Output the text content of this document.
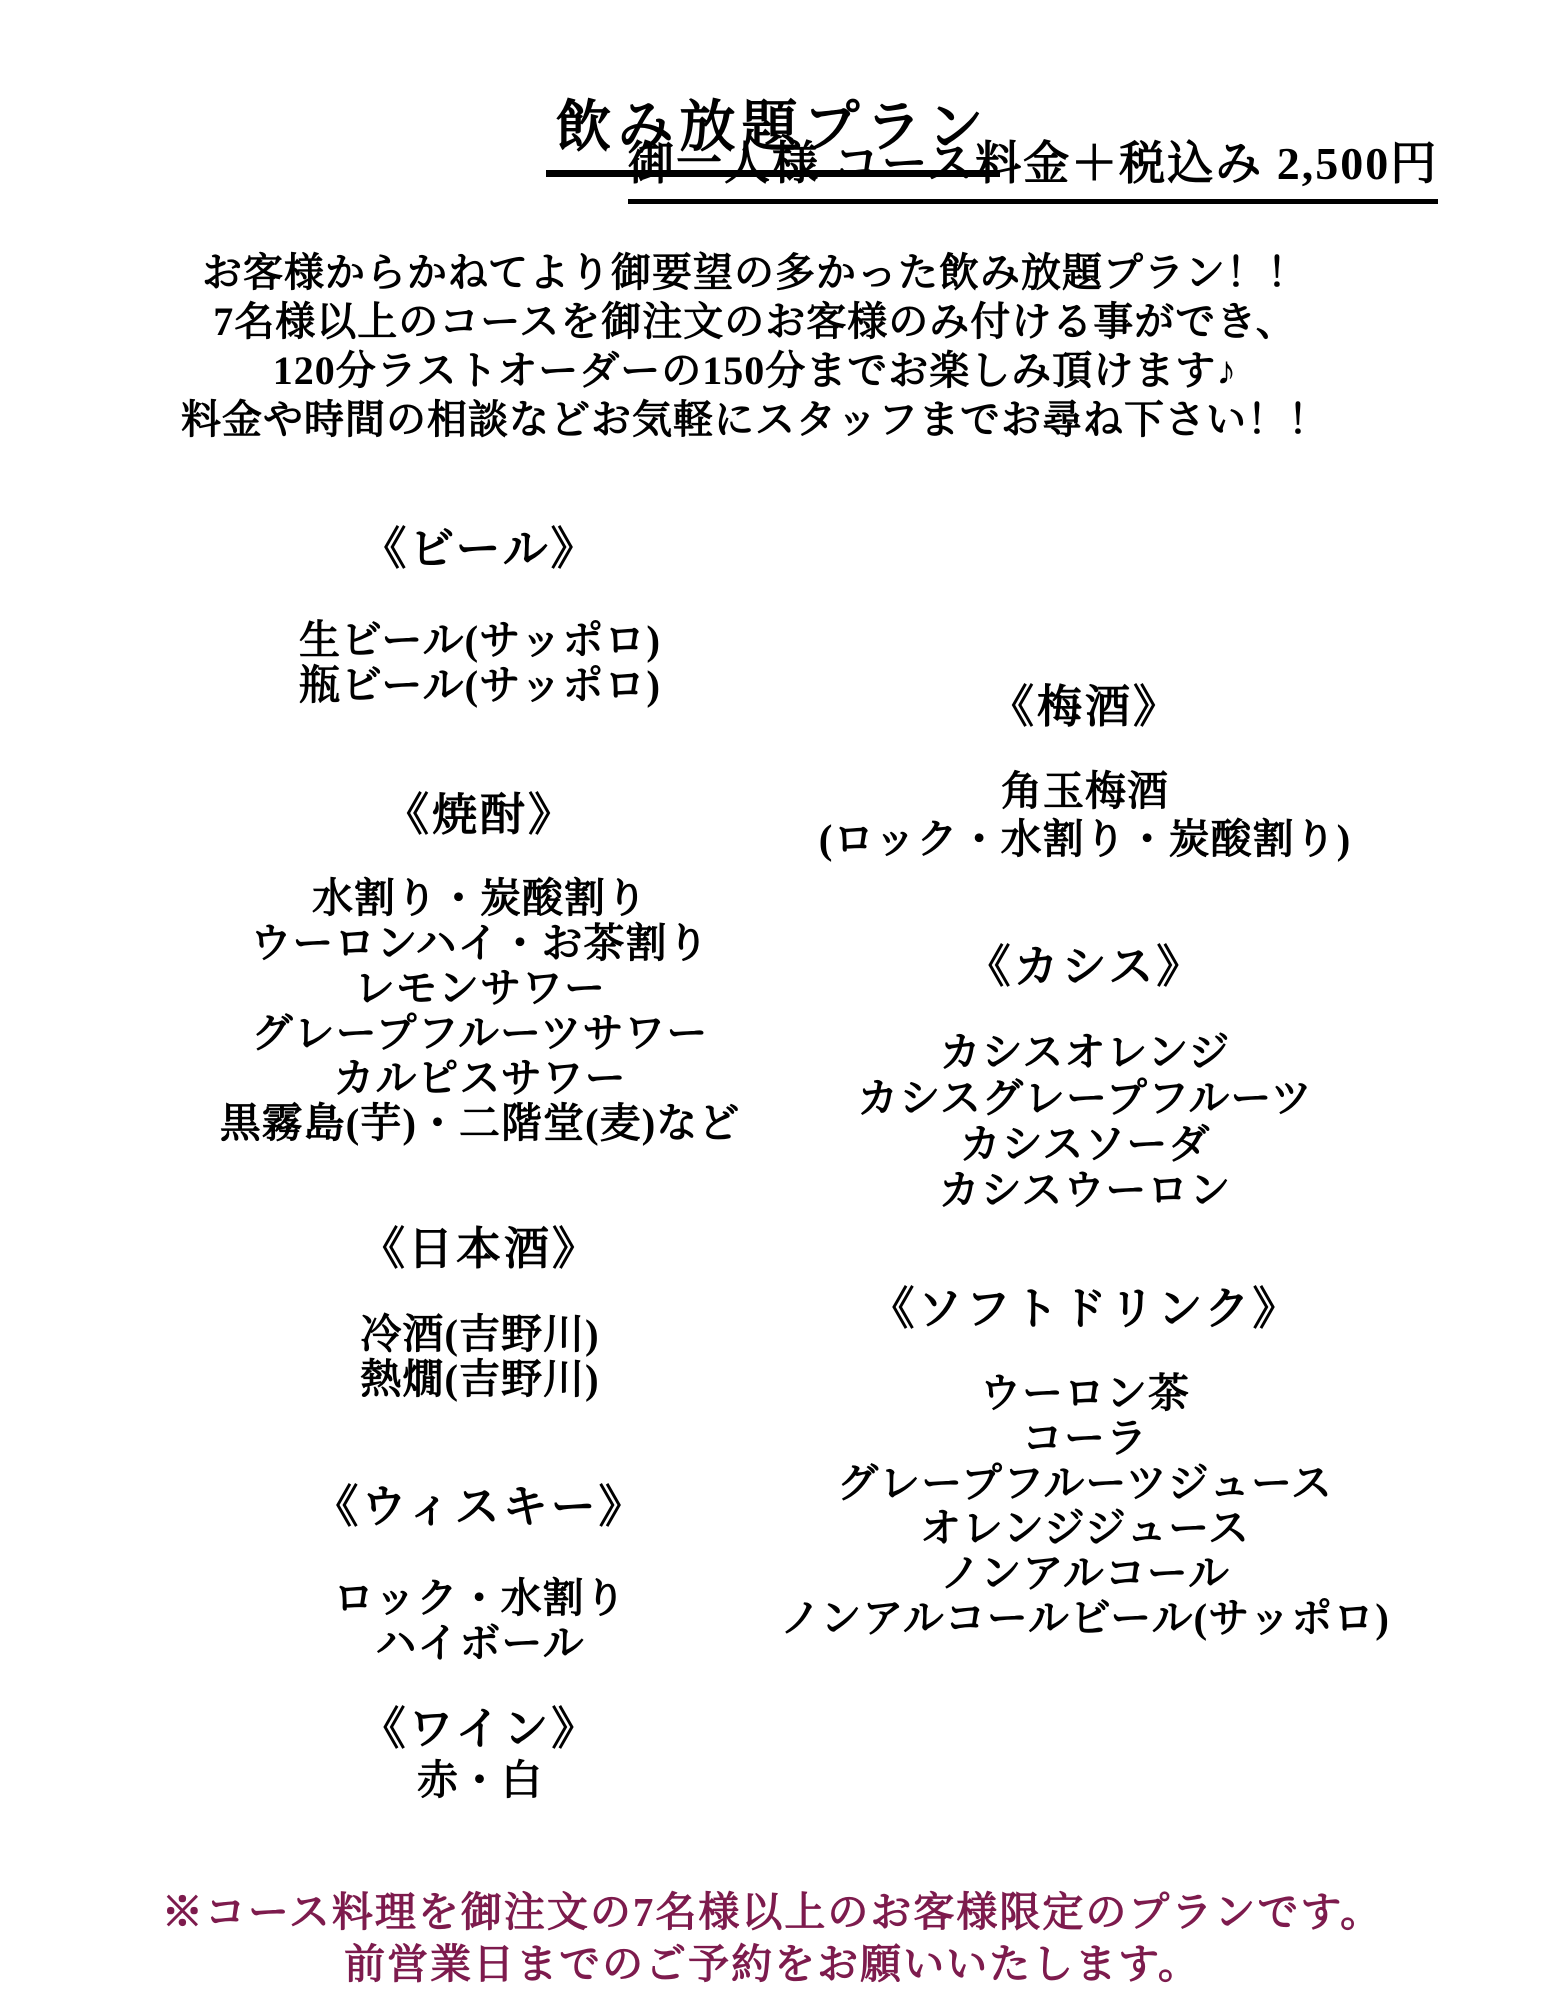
飲み放題プラン
御一人様 コース料金＋税込み 2,500円
お客様からかねてより御要望の多かった飲み放題プラン！！
7名様以上のコースを御注文のお客様のみ付ける事ができ、
120分ラストオーダーの150分までお楽しみ頂けます♪
料金や時間の相談などお気軽にスタッフまでお尋ね下さい！！
《ビール》
生ビール(サッポロ)
瓶ビール(サッポロ)
《焼酎》
水割り・炭酸割り
ウーロンハイ・お茶割り
レモンサワー
グレープフルーツサワー
カルピスサワー
黒霧島(芋)・二階堂(麦)など
《日本酒》
冷酒(吉野川)
熱燗(吉野川)
《ウィスキー》
ロック・水割り
ハイボール
《ワイン》
赤・白
《梅酒》
角玉梅酒
(ロック・水割り・炭酸割り)
《カシス》
カシスオレンジ
カシスグレープフルーツ
カシスソーダ
カシスウーロン
《ソフトドリンク》
ウーロン茶
コーラ
グレープフルーツジュース
オレンジジュース
ノンアルコール
ノンアルコールビール(サッポロ)
※コース料理を御注文の7名様以上のお客様限定のプランです。
前営業日までのご予約をお願いいたします。
